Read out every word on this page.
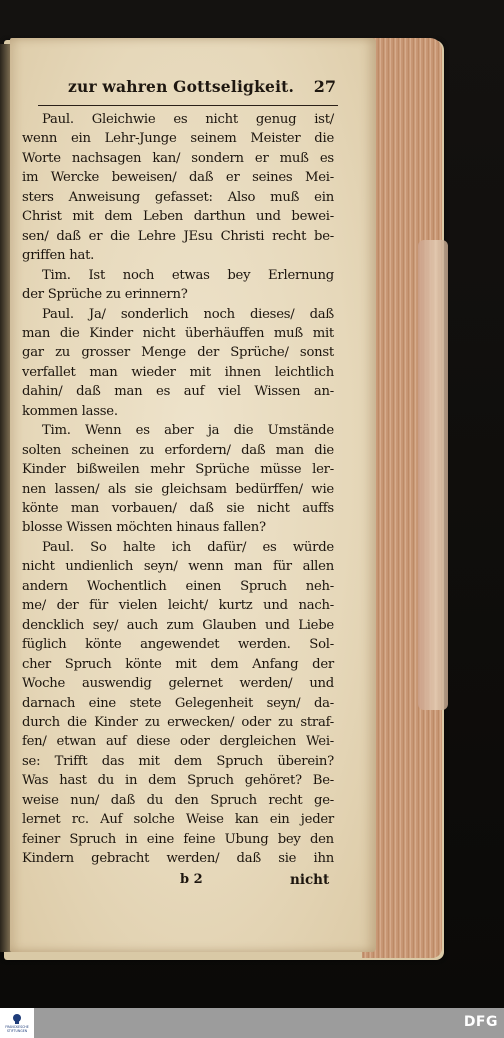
zur wahren Gottseligkeit. 27
Paul. Gleichwie es nicht genug ist/
wenn ein Lehr-Junge seinem Meister die
Worte nachsagen kan/ sondern er muß es
im Wercke beweisen/ daß er seines Mei-
sters Anweisung gefasset: Also muß ein
Christ mit dem Leben darthun und bewei-
sen/ daß er die Lehre JEsu Christi recht be-
griffen hat.
Tim. Ist noch etwas bey Erlernung
der Sprüche zu erinnern?
Paul. Ja/ sonderlich noch dieses/ daß
man die Kinder nicht überhäuffen muß mit
gar zu grosser Menge der Sprüche/ sonst
verfallet man wieder mit ihnen leichtlich
dahin/ daß man es auf viel Wissen an-
kommen lasse.
Tim. Wenn es aber ja die Umstände
solten scheinen zu erfordern/ daß man die
Kinder bißweilen mehr Sprüche müsse ler-
nen lassen/ als sie gleichsam bedürffen/ wie
könte man vorbauen/ daß sie nicht auffs
blosse Wissen möchten hinaus fallen?
Paul. So halte ich dafür/ es würde
nicht undienlich seyn/ wenn man für allen
andern Wochentlich einen Spruch neh-
me/ der für vielen leicht/ kurtz und nach-
dencklich sey/ auch zum Glauben und Liebe
füglich könte angewendet werden. Sol-
cher Spruch könte mit dem Anfang der
Woche auswendig gelernet werden/ und
darnach eine stete Gelegenheit seyn/ da-
durch die Kinder zu erwecken/ oder zu straf-
fen/ etwan auf diese oder dergleichen Wei-
se: Trifft das mit dem Spruch überein?
Was hast du in dem Spruch gehöret? Be-
weise nun/ daß du den Spruch recht ge-
lernet rc. Auf solche Weise kan ein jeder
feiner Spruch in eine feine Ubung bey den
Kindern gebracht werden/ daß sie ihn
b 2	nicht
FRANCKESCHE STIFTUNGEN
DFG
